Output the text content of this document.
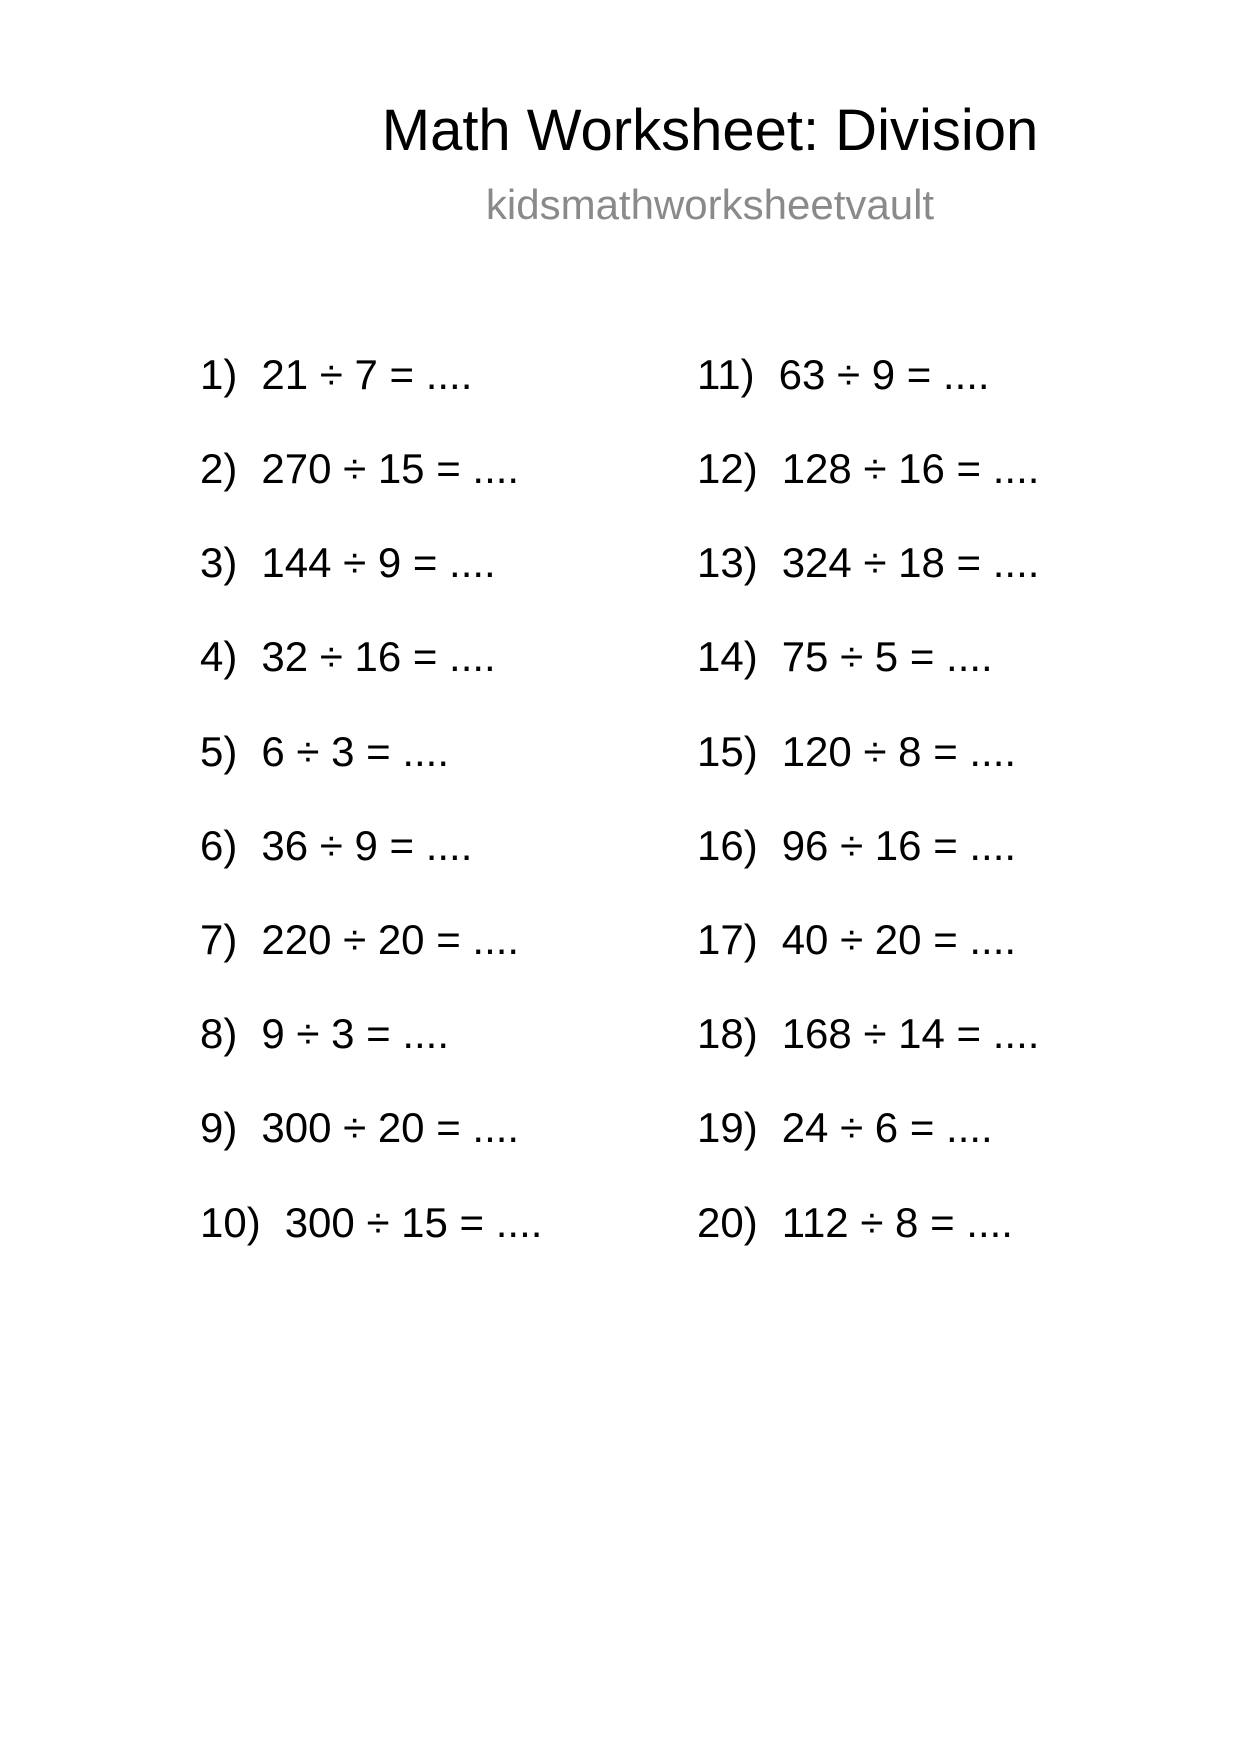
Math Worksheet: Division
kidsmathworksheetvault
1) 21 ÷ 7 = ....
2) 270 ÷ 15 = ....
3) 144 ÷ 9 = ....
4) 32 ÷ 16 = ....
5) 6 ÷ 3 = ....
6) 36 ÷ 9 = ....
7) 220 ÷ 20 = ....
8) 9 ÷ 3 = ....
9) 300 ÷ 20 = ....
10) 300 ÷ 15 = ....
11) 63 ÷ 9 = ....
12) 128 ÷ 16 = ....
13) 324 ÷ 18 = ....
14) 75 ÷ 5 = ....
15) 120 ÷ 8 = ....
16) 96 ÷ 16 = ....
17) 40 ÷ 20 = ....
18) 168 ÷ 14 = ....
19) 24 ÷ 6 = ....
20) 112 ÷ 8 = ....
